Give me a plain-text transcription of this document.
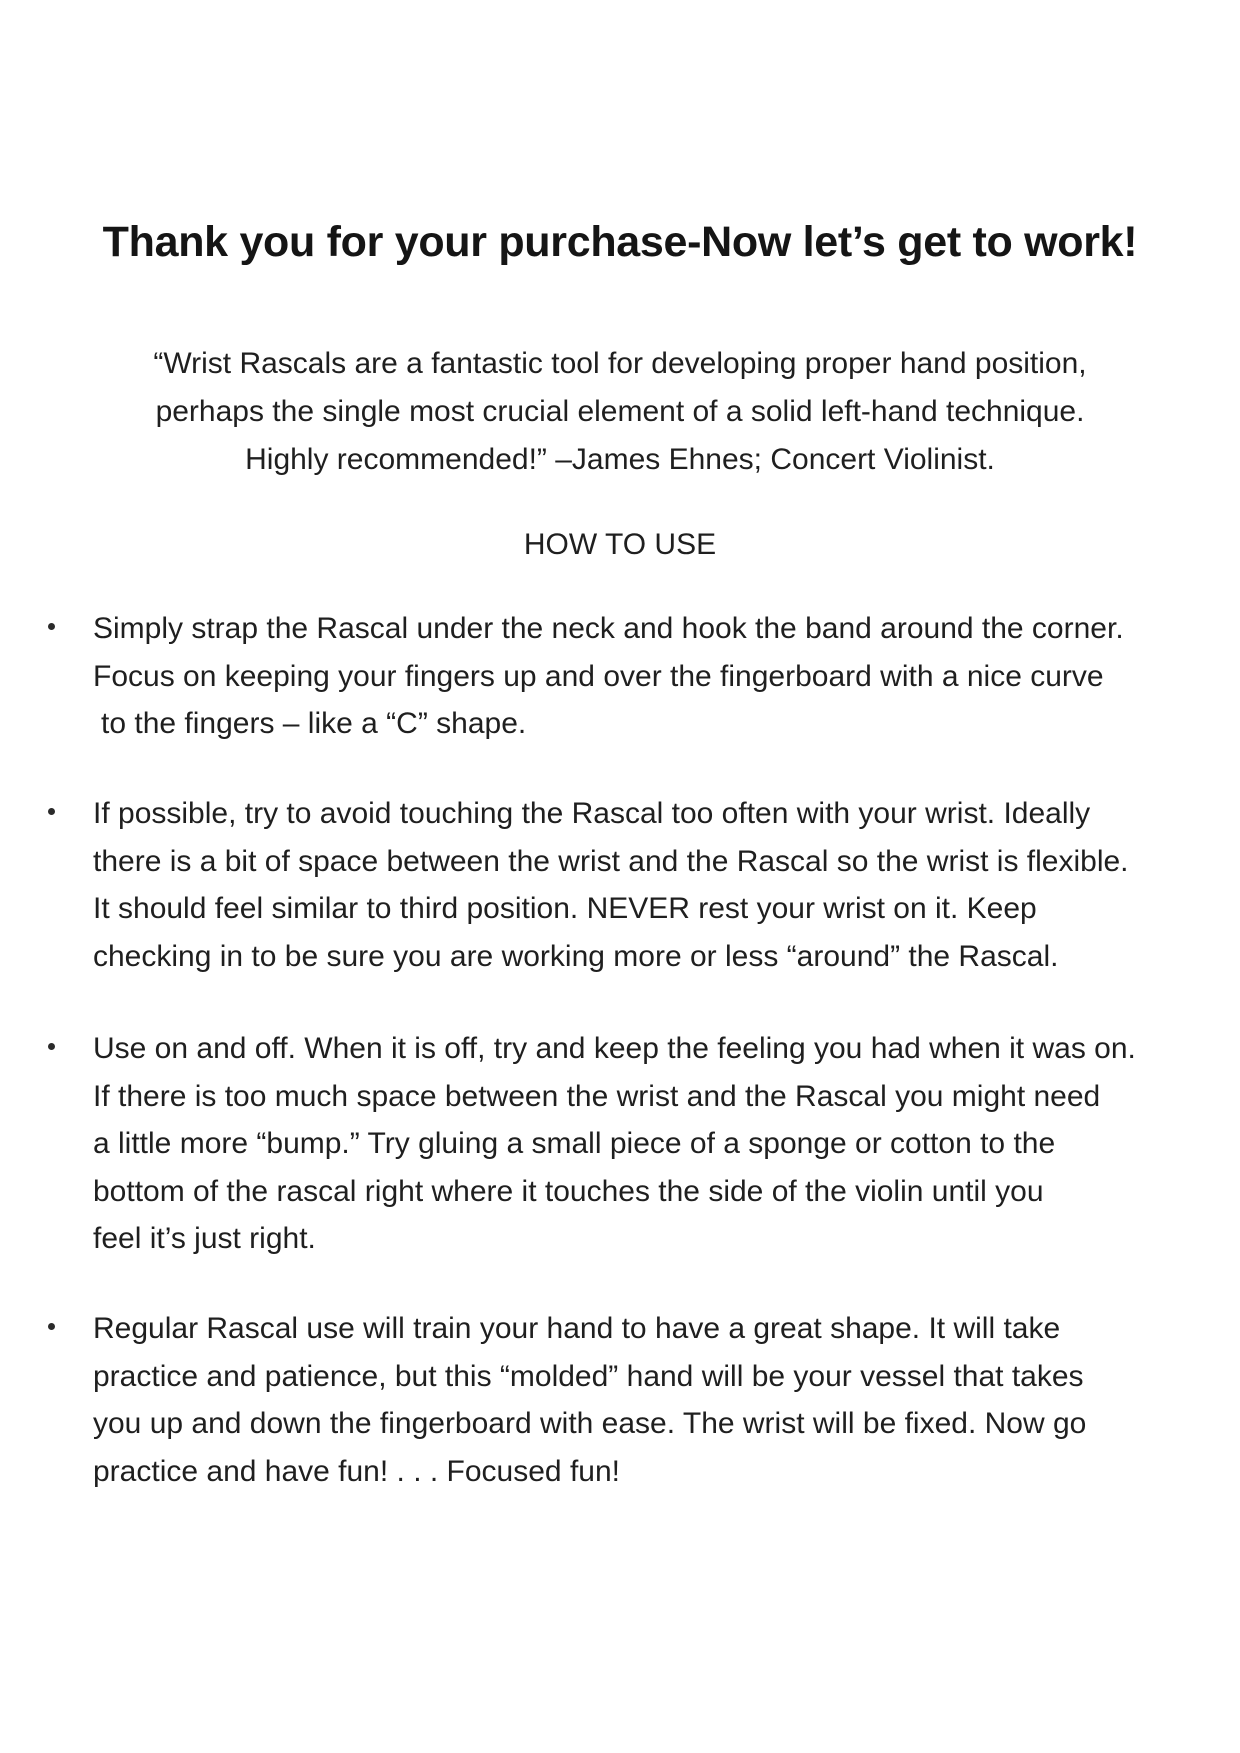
Thank you for your purchase-Now let’s get to work!
“Wrist Rascals are a fantastic tool for developing proper hand position,
perhaps the single most crucial element of a solid left-hand technique.
Highly recommended!” –James Ehnes; Concert Violinist.
HOW TO USE
Simply strap the Rascal under the neck and hook the band around the corner.
Focus on keeping your fingers up and over the fingerboard with a nice curve
to the fingers – like a “C” shape.
If possible, try to avoid touching the Rascal too often with your wrist. Ideally
there is a bit of space between the wrist and the Rascal so the wrist is flexible.
It should feel similar to third position. NEVER rest your wrist on it. Keep
checking in to be sure you are working more or less “around” the Rascal.
Use on and off. When it is off, try and keep the feeling you had when it was on.
If there is too much space between the wrist and the Rascal you might need
a little more “bump.” Try gluing a small piece of a sponge or cotton to the
bottom of the rascal right where it touches the side of the violin until you
feel it’s just right.
Regular Rascal use will train your hand to have a great shape. It will take
practice and patience, but this “molded” hand will be your vessel that takes
you up and down the fingerboard with ease. The wrist will be fixed. Now go
practice and have fun! . . . Focused fun!
